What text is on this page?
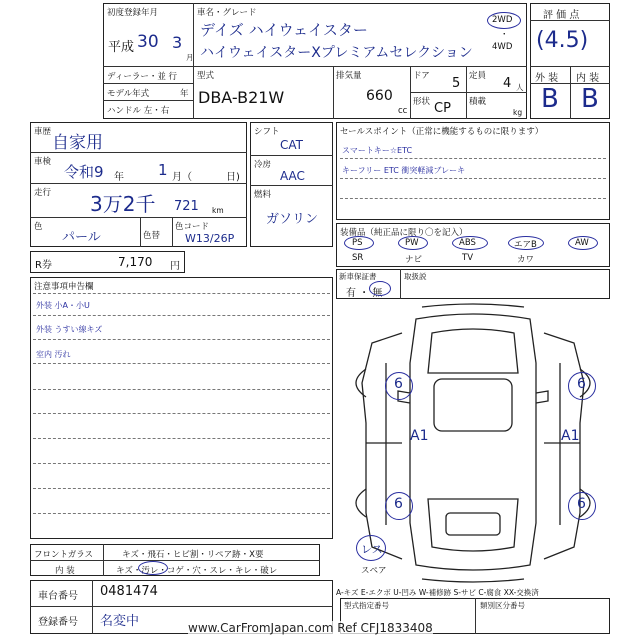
初度登録年月
平成 30 3
月
車名・グレード
デイズ ハイウェイスター
ハイウェイスターXプレミアムセレクション
2WD
・
4WD
ディーラー・並 行
モデル年式	年
ハンドル 左・右
型式
DBA-B21W
排気量
660
cc
ドア 5 定員 4 人
形状 CP 積載
kg
評 価 点
(4.5)
外 装 内 装
B B
車歴
自家用
車検
令和9 年 1 月（	日)
走行 3万2千 721 km
色
パール	色替
色コード
W13/26P
シフト
CAT
冷房
AAC
燃料
ガソリン
R券	7,170 円
セールスポイント（正常に機能するものに限ります）
スマートキー☆ETC
キーフリー ETC 衝突軽減ブレーキ
装備品（純正品に限り〇を記入）
PS	PW	ABS	エアB	AW
SR	ナビ	TV	カワ
新車保証書
有 ・ 無
取扱説
注意事項申告欄
外装 小A・小U
外装 うすい線キズ
室内 汚れ
フロントガラス	キズ・飛石・ヒビ割・リペア跡・X要
内 装	キズ・汚レ・コゲ・穴・スレ・キレ・破レ
車台番号 0481474
登録番号 名変中
型式指定番号	類別区分番号
A-キズ E-エクボ U-凹み W-補修跡 S-サビ C-腐食 XX-交換済
www.CarFromJapan.com Ref CFJ1833408
6	6
A1	A1
6	6
レス
スペア
